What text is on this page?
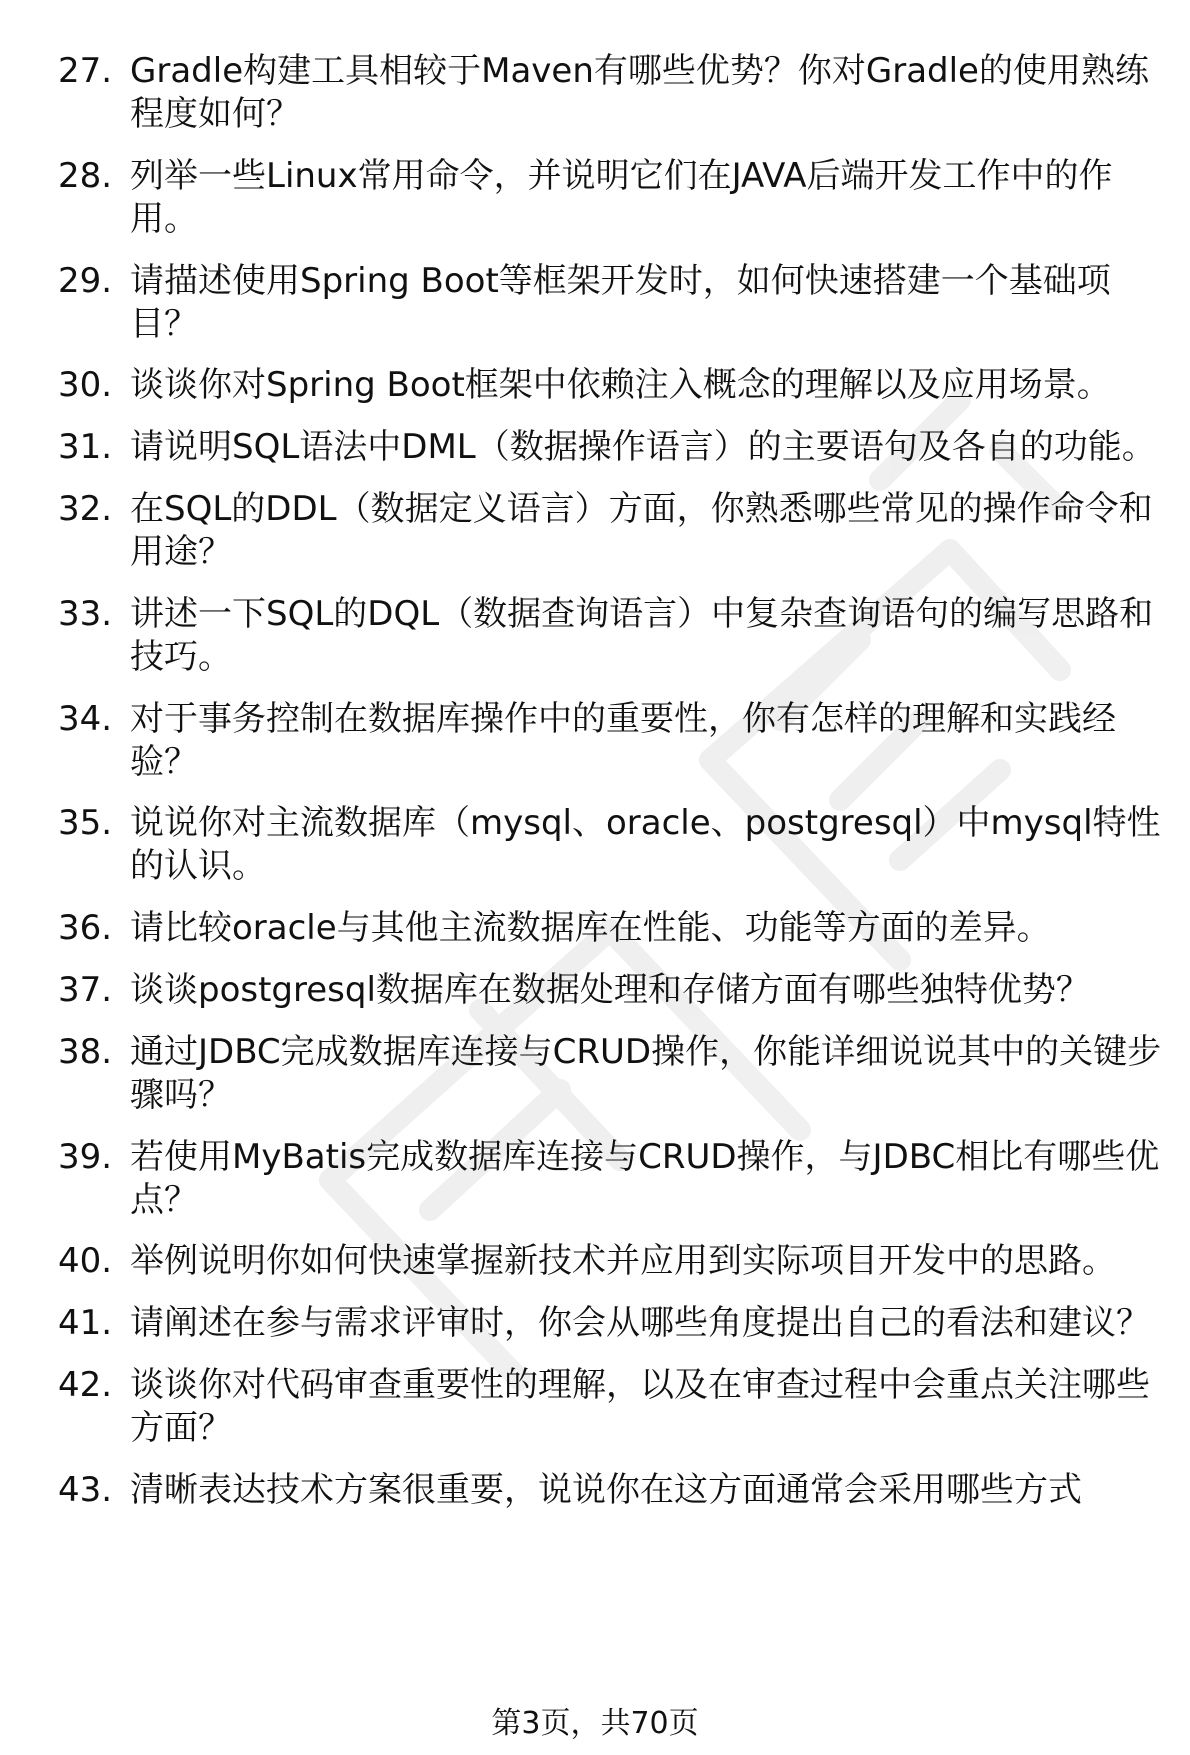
27. Gradle构建工具相较于Maven有哪些优势？你对Gradle的使用熟练程度如何？
28. 列举一些Linux常用命令，并说明它们在JAVA后端开发工作中的作用。
29. 请描述使用Spring Boot等框架开发时，如何快速搭建一个基础项目？
30. 谈谈你对Spring Boot框架中依赖注入概念的理解以及应用场景。
31. 请说明SQL语法中DML（数据操作语言）的主要语句及各自的功能。
32. 在SQL的DDL（数据定义语言）方面，你熟悉哪些常见的操作命令和用途？
33. 讲述一下SQL的DQL（数据查询语言）中复杂查询语句的编写思路和技巧。
34. 对于事务控制在数据库操作中的重要性，你有怎样的理解和实践经验？
35. 说说你对主流数据库（mysql、oracle、postgresql）中mysql特性的认识。
36. 请比较oracle与其他主流数据库在性能、功能等方面的差异。
37. 谈谈postgresql数据库在数据处理和存储方面有哪些独特优势？
38. 通过JDBC完成数据库连接与CRUD操作，你能详细说说其中的关键步骤吗？
39. 若使用MyBatis完成数据库连接与CRUD操作，与JDBC相比有哪些优点？
40. 举例说明你如何快速掌握新技术并应用到实际项目开发中的思路。
41. 请阐述在参与需求评审时，你会从哪些角度提出自己的看法和建议？
42. 谈谈你对代码审查重要性的理解，以及在审查过程中会重点关注哪些方面？
43. 清晰表达技术方案很重要，说说你在这方面通常会采用哪些方式
第3页，共70页
